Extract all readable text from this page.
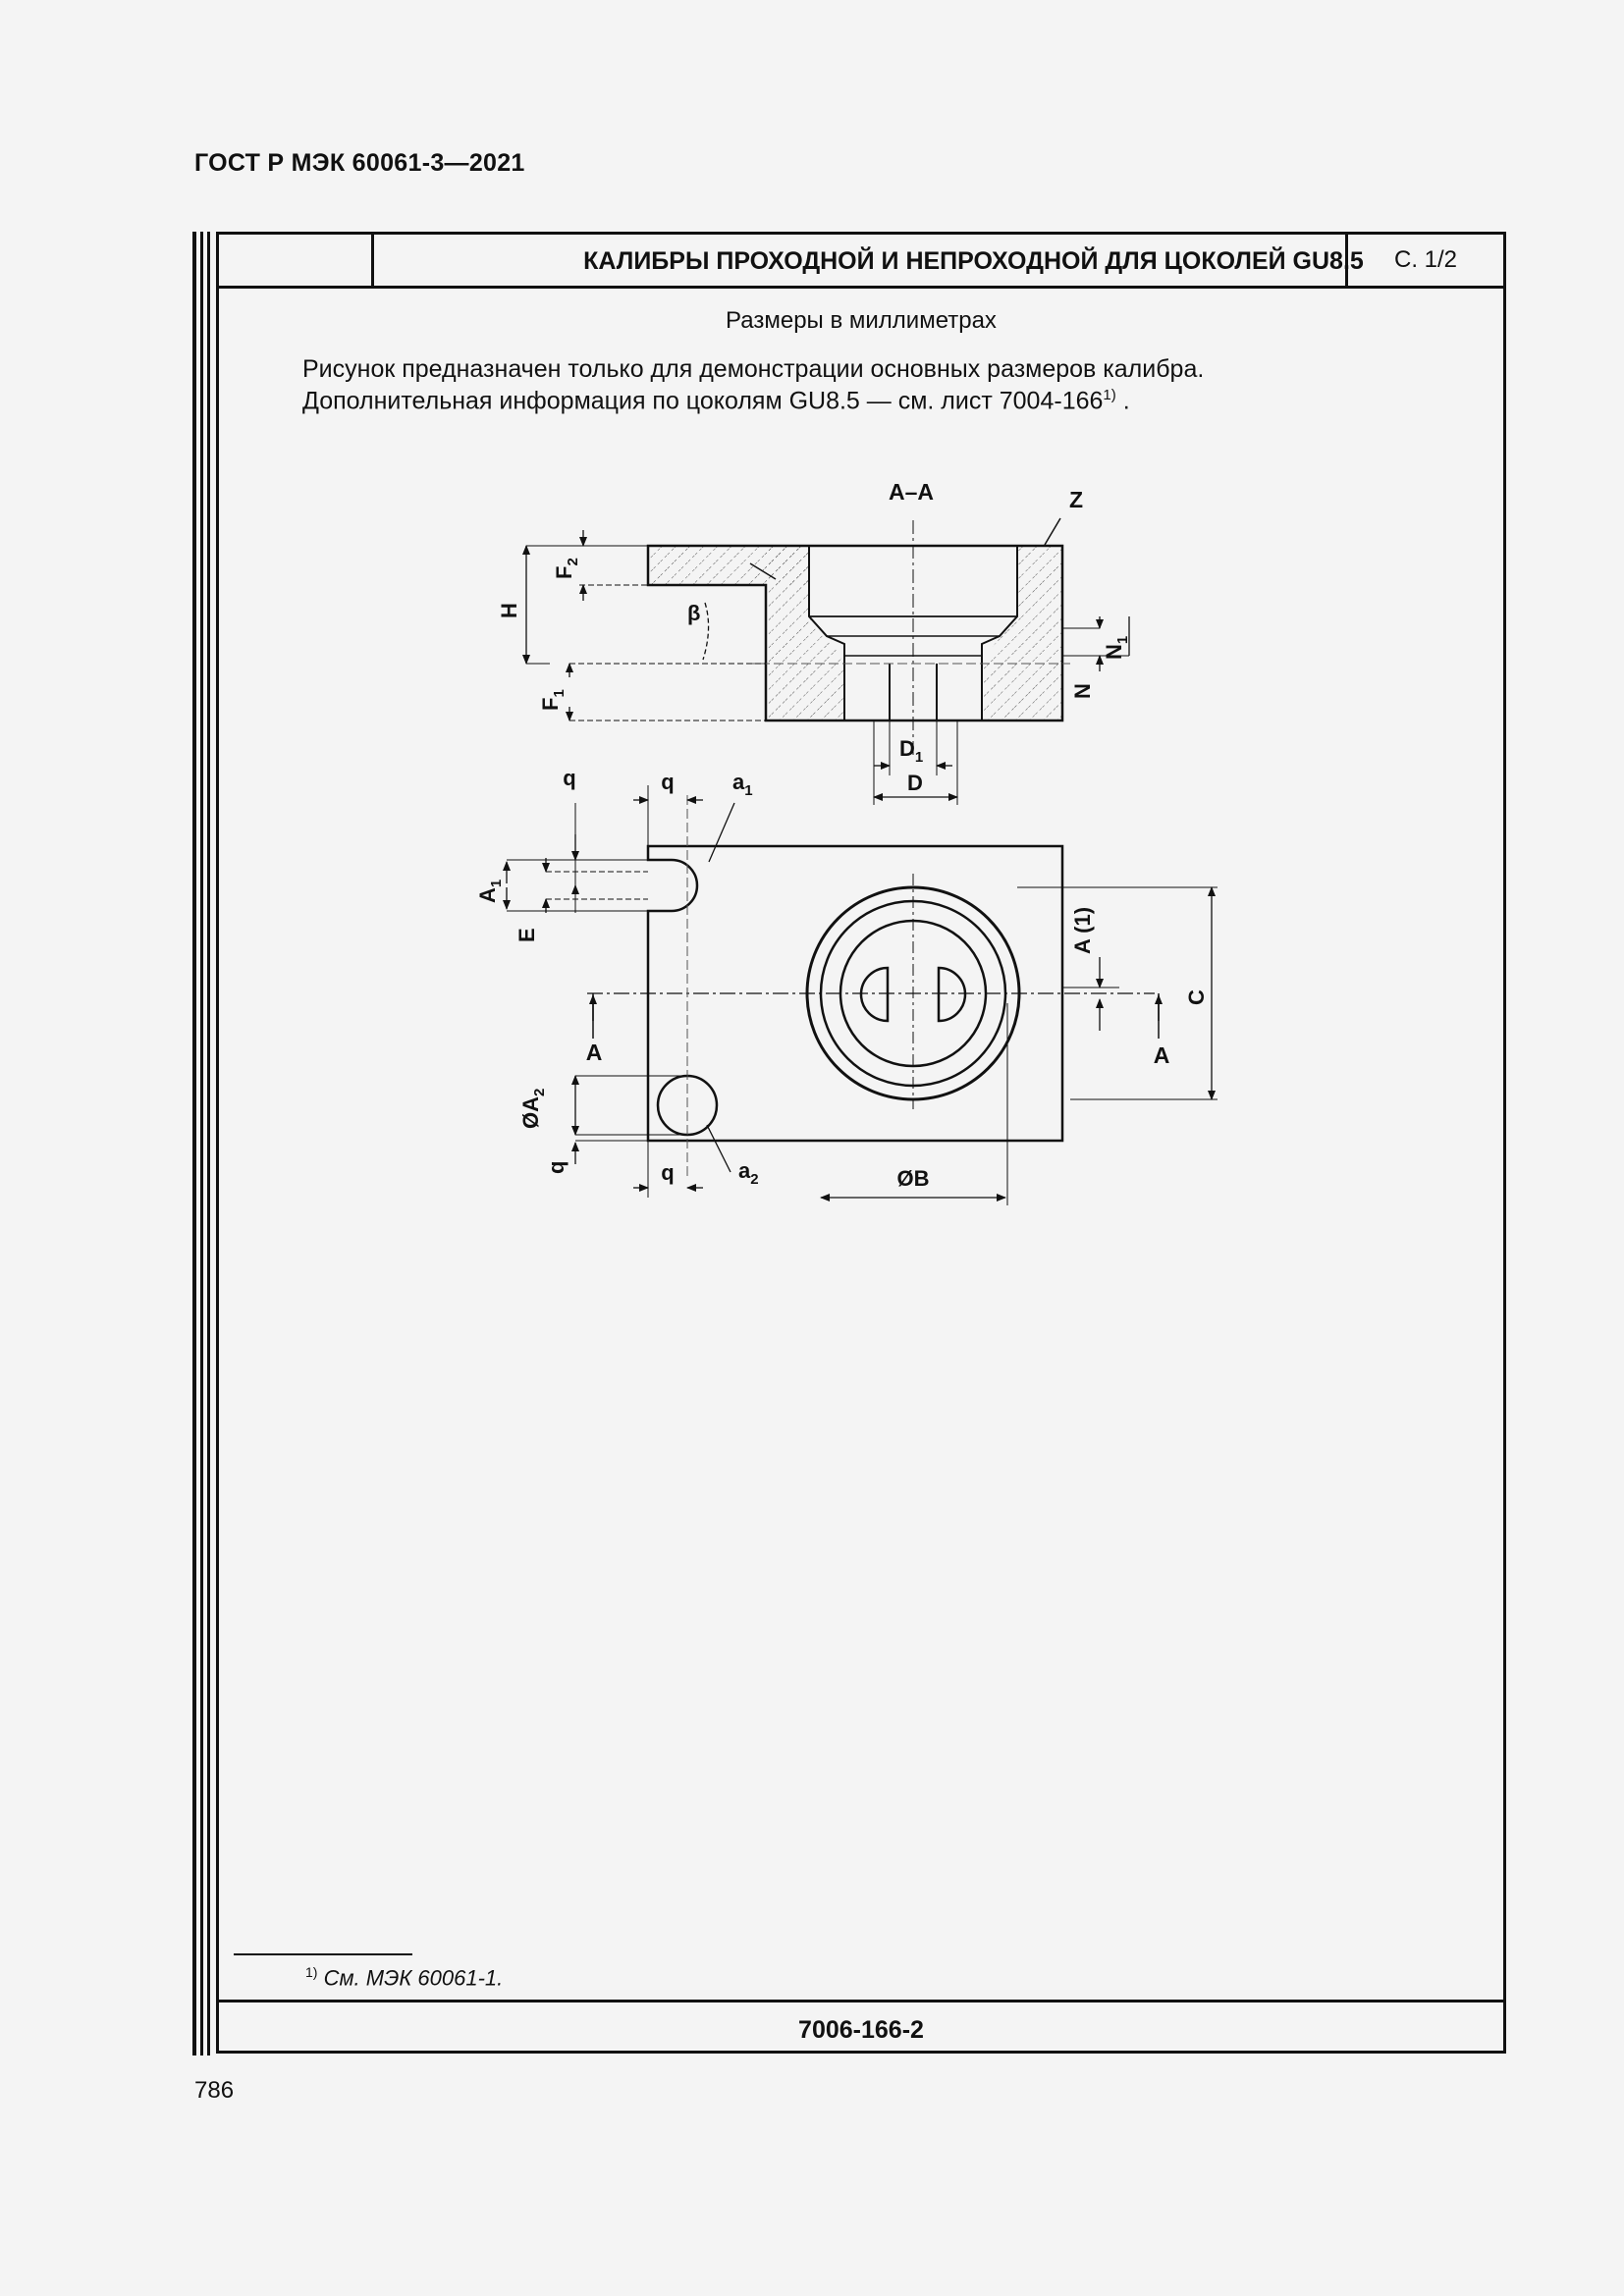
ГОСТ Р МЭК 60061-3—2021
КАЛИБРЫ ПРОХОДНОЙ И НЕПРОХОДНОЙ ДЛЯ ЦОКОЛЕЙ GU8.5	С. 1/2
Размеры в миллиметрах
Рисунок предназначен только для демонстрации основных размеров калибра.
Дополнительная информация по цоколям GU8.5 — см. лист 7004-166$^{1)}$ .
$^{1)}$ См. МЭК 60061-1.
7006-166-2
786
A–A	Z
$F_2$
H
$F_1$
β
N
$N_1$
$D_1$
D
A	A
q	q	$a_1$
$A_1$
E	A (1)
C
$ØA_2$
q	q	$a_2$	ØB
